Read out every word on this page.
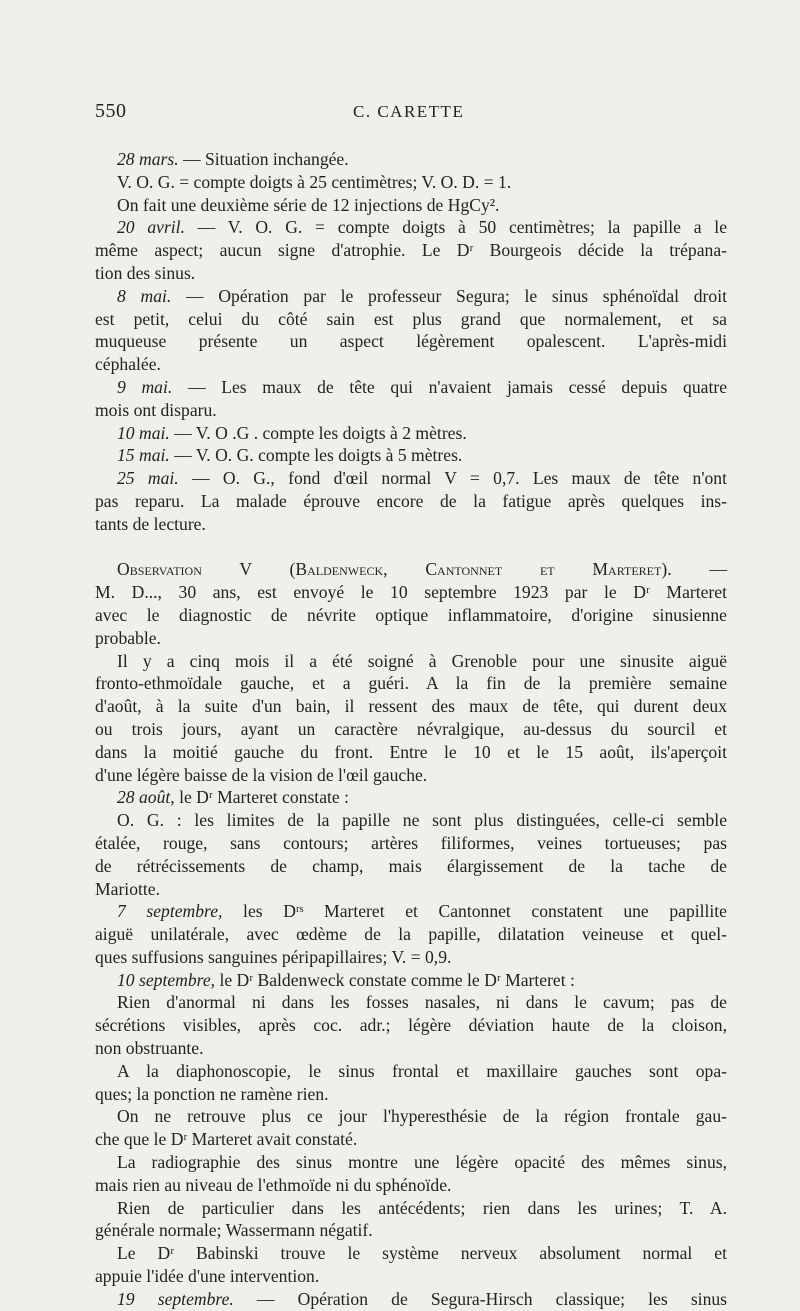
550	C. CARETTE
28 mars. — Situation inchangée.
V. O. G. = compte doigts à 25 centimètres; V. O. D. = 1.
On fait une deuxième série de 12 injections de HgCy².
20 avril. — V. O. G. = compte doigts à 50 centimètres; la papille a le
même aspect; aucun signe d'atrophie. Le Dʳ Bourgeois décide la trépana-
tion des sinus.
8 mai. — Opération par le professeur Segura; le sinus sphénoïdal droit
est petit, celui du côté sain est plus grand que normalement, et sa
muqueuse présente un aspect légèrement opalescent. L'après-midi
céphalée.
9 mai. — Les maux de tête qui n'avaient jamais cessé depuis quatre
mois ont disparu.
10 mai. — V. O .G . compte les doigts à 2 mètres.
15 mai. — V. O. G. compte les doigts à 5 mètres.
25 mai. — O. G., fond d'œil normal V = 0,7. Les maux de tête n'ont
pas reparu. La malade éprouve encore de la fatigue après quelques ins-
tants de lecture.
Observation V (Baldenweck, Cantonnet et Marteret). —
M. D..., 30 ans, est envoyé le 10 septembre 1923 par le Dʳ Marteret
avec le diagnostic de névrite optique inflammatoire, d'origine sinusienne
probable.
Il y a cinq mois il a été soigné à Grenoble pour une sinusite aiguë
fronto-ethmoïdale gauche, et a guéri. A la fin de la première semaine
d'août, à la suite d'un bain, il ressent des maux de tête, qui durent deux
ou trois jours, ayant un caractère névralgique, au-dessus du sourcil et
dans la moitié gauche du front. Entre le 10 et le 15 août, ils'aperçoit
d'une légère baisse de la vision de l'œil gauche.
28 août, le Dʳ Marteret constate :
O. G. : les limites de la papille ne sont plus distinguées, celle-ci semble
étalée, rouge, sans contours; artères filiformes, veines tortueuses; pas
de rétrécissements de champ, mais élargissement de la tache de
Mariotte.
7 septembre, les Dʳˢ Marteret et Cantonnet constatent une papillite
aiguë unilatérale, avec œdème de la papille, dilatation veineuse et quel-
ques suffusions sanguines péripapillaires; V. = 0,9.
10 septembre, le Dʳ Baldenweck constate comme le Dʳ Marteret :
Rien d'anormal ni dans les fosses nasales, ni dans le cavum; pas de
sécrétions visibles, après coc. adr.; légère déviation haute de la cloison,
non obstruante.
A la diaphonoscopie, le sinus frontal et maxillaire gauches sont opa-
ques; la ponction ne ramène rien.
On ne retrouve plus ce jour l'hyperesthésie de la région frontale gau-
che que le Dʳ Marteret avait constaté.
La radiographie des sinus montre une légère opacité des mêmes sinus,
mais rien au niveau de l'ethmoïde ni du sphénoïde.
Rien de particulier dans les antécédents; rien dans les urines; T. A.
générale normale; Wassermann négatif.
Le Dʳ Babinski trouve le système nerveux absolument normal et
appuie l'idée d'une intervention.
19 septembre. — Opération de Segura-Hirsch classique; les sinus
